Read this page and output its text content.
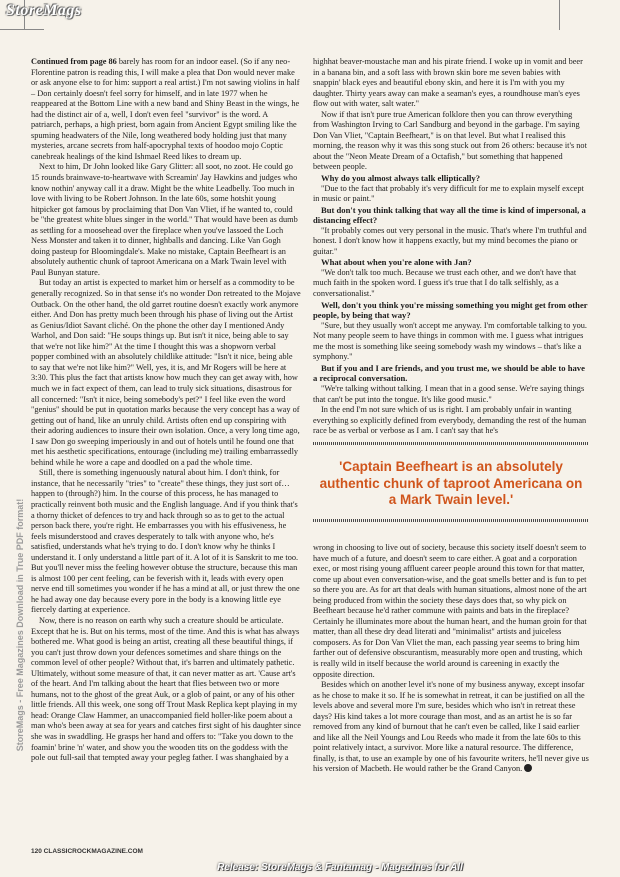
StoreMags
StoreMags - Free Magazines Download in True PDF format!

Continued from page 86 barely has room for an indoor easel. (So if any neo-Florentine patron is reading this, I will make a plea that Don would never make or ask anyone else to for him: support a real artist.) I'm not sawing violins in half – Don certainly doesn't feel sorry for himself, and in late 1977 when he reappeared at the Bottom Line with a new band and Shiny Beast in the wings, he had the distinct air of a, well, I don't even feel "survivor" is the word. A patriarch, perhaps, a high priest, born again from Ancient Egypt smiling like the spuming headwaters of the Nile, long weathered body holding just that many mysteries, arcane secrets from half-apocryphal texts of hoodoo mojo Coptic canebreak healings of the kind Ishmael Reed likes to dream up.

Next to him, Dr John looked like Gary Glitter: all soot, no zoot. He could go 15 rounds brainwave-to-heartwave with Screamin' Jay Hawkins and judges who know nothin' anyway call it a draw. Might be the white Leadbelly. Too much in love with living to be Robert Johnson. In the late 60s, some hotshit young hitpicker got famous by proclaiming that Don Van Vliet, if he wanted to, could be "the greatest white blues singer in the world." That would have been as dumb as settling for a moosehead over the fireplace when you've lassoed the Loch Ness Monster and taken it to dinner, highballs and dancing. Like Van Gogh doing pasteup for Bloomingdale's. Make no mistake, Captain Beefheart is an absolutely authentic chunk of taproot Americana on a Mark Twain level with Paul Bunyan stature.

But today an artist is expected to market him or herself as a commodity to be generally recognized. So in that sense it's no wonder Don retreated to the Mojave Outback. On the other hand, the old garret routine doesn't exactly work anymore either. And Don has pretty much been through his phase of living out the Artist as Genius/Idiot Savant cliché. On the phone the other day I mentioned Andy Warhol, and Don said: "He soups things up. But isn't it nice, being able to say that we're not like him?" At the time I thought this was a shopworn verbal popper combined with an absolutely childlike attitude: "Isn't it nice, being able to say that we're not like him?" Well, yes, it is, and Mr Rogers will be here at 3:30. This plus the fact that artists know how much they can get away with, how much we in fact expect of them, can lead to truly sick situations, disastrous for all concerned: "Isn't it nice, being somebody's pet?" I feel like even the word "genius" should be put in quotation marks because the very concept has a way of getting out of hand, like an unruly child. Artists often end up conspiring with their adoring audiences to insure their own isolation. Once, a very long time ago, I saw Don go sweeping imperiously in and out of hotels until he found one that met his aesthetic specifications, entourage (including me) trailing embarrassedly behind while he wore a cape and doodled on a pad the whole time.

Still, there is something ingenuously natural about him. I don't think, for instance, that he necessarily "tries" to "create" these things, they just sort of… happen to (through?) him. In the course of this process, he has managed to practically reinvent both music and the English language. And if you think that's a thorny thicket of defences to try and hack through so as to get to the actual person back there, you're right. He embarrasses you with his effusiveness, he feels misunderstood and craves desperately to talk with anyone who, he's satisfied, understands what he's trying to do. I don't know why he thinks I understand it. I only understand a little part of it. A lot of it is Sanskrit to me too. But you'll never miss the feeling however obtuse the structure, because this man is almost 100 per cent feeling, can be feverish with it, leads with every open nerve end till sometimes you wonder if he has a mind at all, or just threw the one he had away one day because every pore in the body is a knowing little eye fiercely darting at experience.

Now, there is no reason on earth why such a creature should be articulate. Except that he is. But on his terms, most of the time. And this is what has always bothered me. What good is being an artist, creating all these beautiful things, if you can't just throw down your defences sometimes and share things on the common level of other people? Without that, it's barren and ultimately pathetic. Ultimately, without some measure of that, it can never matter as art. 'Cause art's of the heart. And I'm talking about the heart that flies between two or more humans, not to the ghost of the great Auk, or a glob of paint, or any of his other little friends. All this week, one song off Trout Mask Replica kept playing in my head: Orange Claw Hammer, an unaccompanied field holler-like poem about a man who's been away at sea for years and catches first sight of his daughter since she was in swaddling. He grasps her hand and offers to: "Take you down to the foamin' brine 'n' water, and show you the wooden tits on the goddess with the pole out full-sail that tempted away your pegleg father. I was shanghaied by a

highhat beaver-moustache man and his pirate friend. I woke up in vomit and beer in a banana bin, and a soft lass with brown skin bore me seven babies with snappin' black eyes and beautiful ebony skin, and here it is I'm with you my daughter. Thirty years away can make a seaman's eyes, a roundhouse man's eyes flow out with water, salt water."

Now if that isn't pure true American folklore then you can throw everything from Washington Irving to Carl Sandburg and beyond in the garbage. I'm saying Don Van Vliet, "Captain Beefheart," is on that level. But what I realised this morning, the reason why it was this song stuck out from 26 others: because it's not about the "Neon Meate Dream of a Octafish," but something that happened between people.

Why do you almost always talk elliptically?

"Due to the fact that probably it's very difficult for me to explain myself except in music or paint."

But don't you think talking that way all the time is kind of impersonal, a distancing effect?

"It probably comes out very personal in the music. That's where I'm truthful and honest. I don't know how it happens exactly, but my mind becomes the piano or guitar."

What about when you're alone with Jan?

"We don't talk too much. Because we trust each other, and we don't have that much faith in the spoken word. I guess it's true that I do talk selfishly, as a conversationalist."

Well, don't you think you're missing something you might get from other people, by being that way?

"Sure, but they usually won't accept me anyway. I'm comfortable talking to you. Not many people seem to have things in common with me. I guess what intrigues me the most is something like seeing somebody wash my windows – that's like a symphony."

But if you and I are friends, and you trust me, we should be able to have a reciprocal conversation.

"We're talking without talking. I mean that in a good sense. We're saying things that can't be put into the tongue. It's like good music."

In the end I'm not sure which of us is right. I am probably unfair in wanting everything so explicitly defined from everybody, demanding the rest of the human race be as verbal or verbose as I am. I can't say that he's

'Captain Beefheart is an absolutely authentic chunk of taproot Americana on a Mark Twain level.'

wrong in choosing to live out of society, because this society itself doesn't seem to have much of a future, and doesn't seem to care either. A goat and a corporation exec, or most rising young affluent career people around this town for that matter, come up about even conversation-wise, and the goat smells better and is fun to pet so there you are. As for art that deals with human situations, almost none of the art being produced from within the society these days does that, so why pick on Beefheart because he'd rather commune with paints and bats in the fireplace? Certainly he illuminates more about the human heart, and the human groin for that matter, than all these dry dead literati and "minimalist" artists and juiceless composers. As for Don Van Vliet the man, each passing year seems to bring him farther out of defensive obscurantism, measurably more open and trusting, which is really wild in itself because the world around is careening in exactly the opposite direction.

Besides which on another level it's none of my business anyway, except insofar as he chose to make it so. If he is somewhat in retreat, it can be justified on all the levels above and several more I'm sure, besides which who isn't in retreat these days? His kind takes a lot more courage than most, and as an artist he is so far removed from any kind of burnout that he can't even be called, like I said earlier and like all the Neil Youngs and Lou Reeds who made it from the late 60s to this point relatively intact, a survivor. More like a natural resource. The difference, finally, is that, to use an example by one of his favourite writers, he'll never give us his version of Macbeth. He would rather be the Grand Canyon.

120 CLASSICROCKMAGAZINE.COM
Release: StoreMags & Fantamag - Magazines for All
